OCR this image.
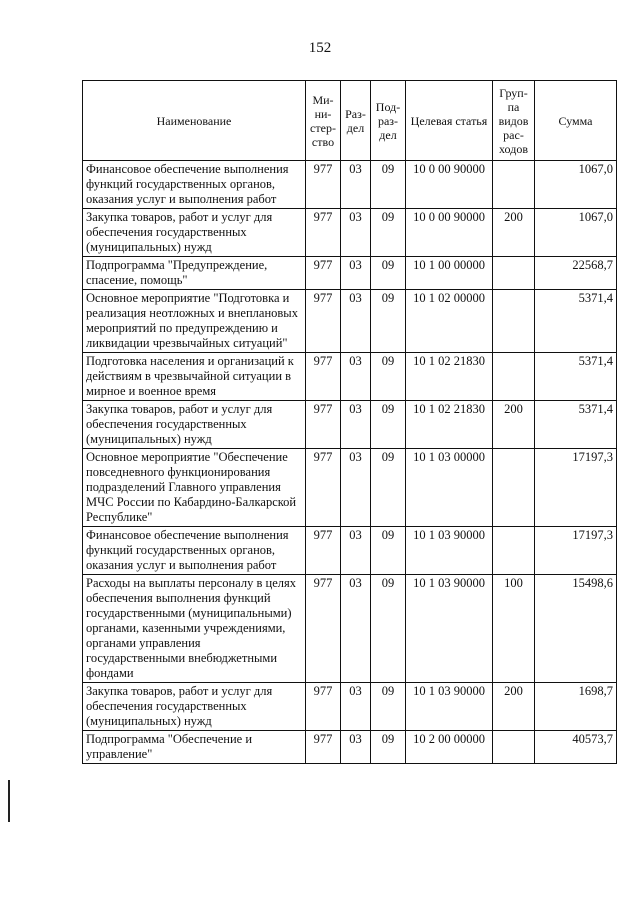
152
Наименование	Ми-ни-стер-ство	Раз-дел	Под-раз-дел	Целевая статья	Груп-па видов рас-ходов	Сумма
Финансовое обеспечение выполнения функций государственных органов, оказания услуг и выполнения работ	977	03	09	10 0 00 90000		1067,0
Закупка товаров, работ и услуг для обеспечения государственных (муниципальных) нужд	977	03	09	10 0 00 90000	200	1067,0
Подпрограмма "Предупреждение, спасение, помощь"	977	03	09	10 1 00 00000		22568,7
Основное мероприятие "Подготовка и реализация неотложных и внеплановых мероприятий по предупреждению и ликвидации чрезвычайных ситуаций"	977	03	09	10 1 02 00000		5371,4
Подготовка населения и организаций к действиям в чрезвычайной ситуации в мирное и военное время	977	03	09	10 1 02 21830		5371,4
Закупка товаров, работ и услуг для обеспечения государственных (муниципальных) нужд	977	03	09	10 1 02 21830	200	5371,4
Основное мероприятие "Обеспечение повседневного функционирования подразделений Главного управления МЧС России по Кабардино-Балкарской Республике"	977	03	09	10 1 03 00000		17197,3
Финансовое обеспечение выполнения функций государственных органов, оказания услуг и выполнения работ	977	03	09	10 1 03 90000		17197,3
Расходы на выплаты персоналу в целях обеспечения выполнения функций государственными (муниципальными) органами, казенными учреждениями, органами управления государственными внебюджетными фондами	977	03	09	10 1 03 90000	100	15498,6
Закупка товаров, работ и услуг для обеспечения государственных (муниципальных) нужд	977	03	09	10 1 03 90000	200	1698,7
Подпрограмма "Обеспечение и управление"	977	03	09	10 2 00 00000		40573,7
